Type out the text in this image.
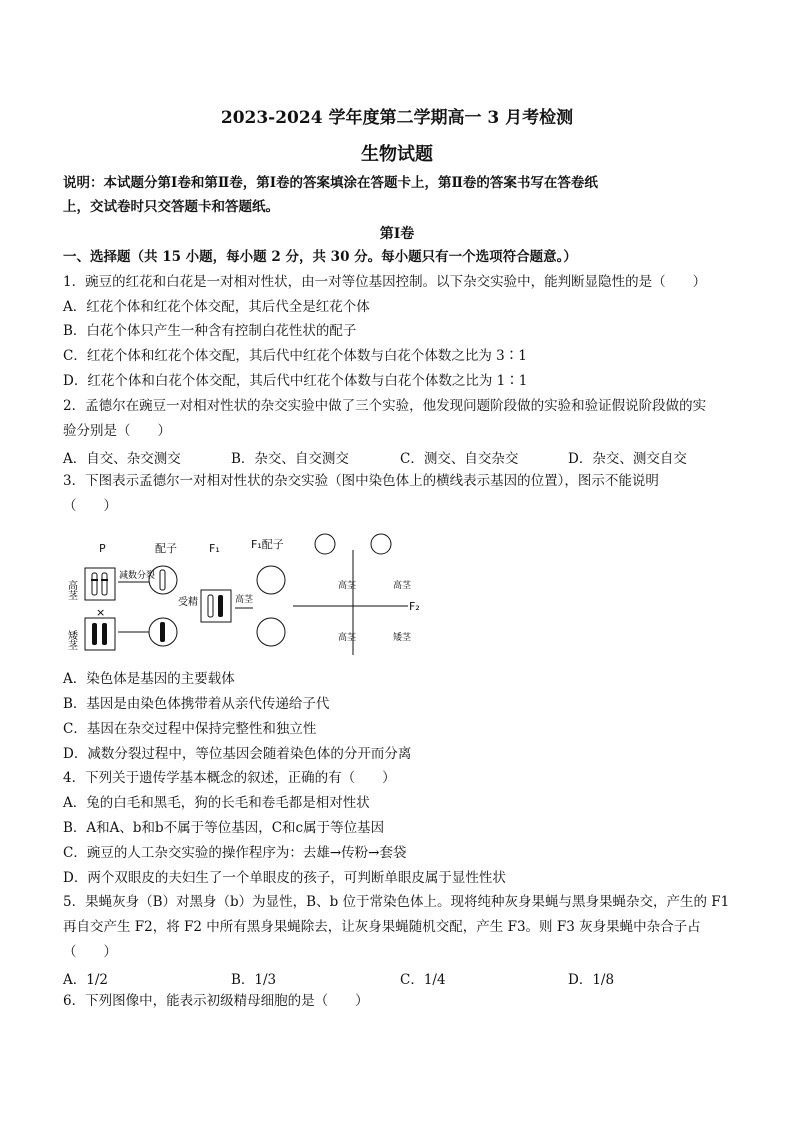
2023-2024 学年度第二学期高一 3 月考检测
生物试题
说明：本试题分第Ⅰ卷和第Ⅱ卷，第Ⅰ卷的答案填涂在答题卡上，第Ⅱ卷的答案书写在答卷纸
上，交试卷时只交答题卡和答题纸。
第Ⅰ卷
一、选择题（共 15 小题，每小题 2 分，共 30 分。每小题只有一个选项符合题意。）
1．豌豆的红花和白花是一对相对性状，由一对等位基因控制。以下杂交实验中，能判断显隐性的是（　　）
A．红花个体和红花个体交配，其后代全是红花个体
B．白花个体只产生一种含有控制白花性状的配子
C．红花个体和红花个体交配，其后代中红花个体数与白花个体数之比为 3∶1
D．红花个体和白花个体交配，其后代中红花个体数与白花个体数之比为 1∶1
2．孟德尔在豌豆一对相对性状的杂交实验中做了三个实验，他发现问题阶段做的实验和验证假说阶段做的实
验分别是（　　）
A．自交、杂交测交	B．杂交、自交测交	C．测交、自交杂交	D．杂交、测交自交
3．下图表示孟德尔一对相对性状的杂交实验（图中染色体上的横线表示基因的位置），图示不能说明
（　　）
P	配子	F₁	F₁配子
F₂
高茎
减数分裂
×
矮茎
受精	高茎
高茎	高茎
高茎	矮茎
A．染色体是基因的主要载体
B．基因是由染色体携带着从亲代传递给子代
C．基因在杂交过程中保持完整性和独立性
D．减数分裂过程中，等位基因会随着染色体的分开而分离
4．下列关于遗传学基本概念的叙述，正确的有（　　）
A．兔的白毛和黑毛，狗的长毛和卷毛都是相对性状
B．A和A、b和b不属于等位基因，C和c属于等位基因
C．豌豆的人工杂交实验的操作程序为：去雄→传粉→套袋
D．两个双眼皮的夫妇生了一个单眼皮的孩子，可判断单眼皮属于显性性状
5．果蝇灰身（B）对黑身（b）为显性，B、b 位于常染色体上。现将纯种灰身果蝇与黑身果蝇杂交，产生的 F1
再自交产生 F2，将 F2 中所有黑身果蝇除去，让灰身果蝇随机交配，产生 F3。则 F3 灰身果蝇中杂合子占
（　　）
A．1/2	B．1/3	C．1/4	D．1/8
6．下列图像中，能表示初级精母细胞的是（　　）
